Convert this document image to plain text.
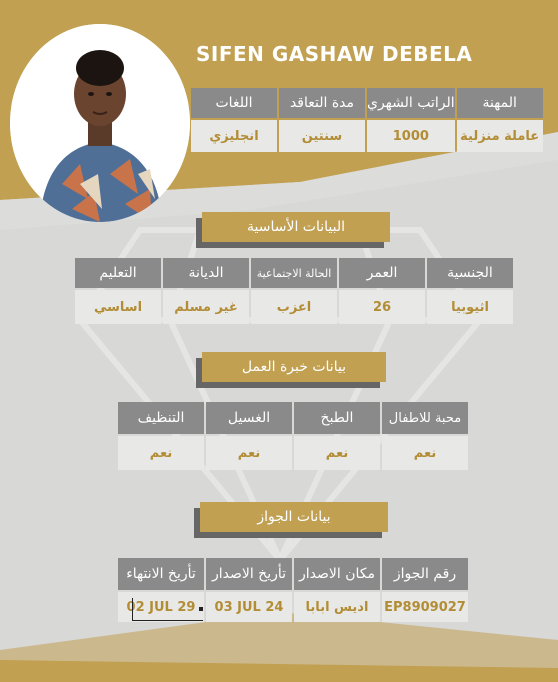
SIFEN GASHAW DEBELA
المهنة	الراتب الشهري	مدة التعاقد	اللغات
عاملة منزلية	1000	سنتين	انجليزي
البيانات الأساسية
الجنسية	العمر	الحالة الاجتماعية	الديانة	التعليم
اثيوبيا	26	اعزب	غير مسلم	اساسي
بيانات خبرة العمل
محبة للاطفال	الطبخ	الغسيل	التنظيف
نعم	نعم	نعم	نعم
بيانات الجواز
رقم الجواز	مكان الاصدار	تأريخ الاصدار	تأريخ الانتهاء
EP8909027	اديس ابابا	03 JUL 24	02 JUL 29
